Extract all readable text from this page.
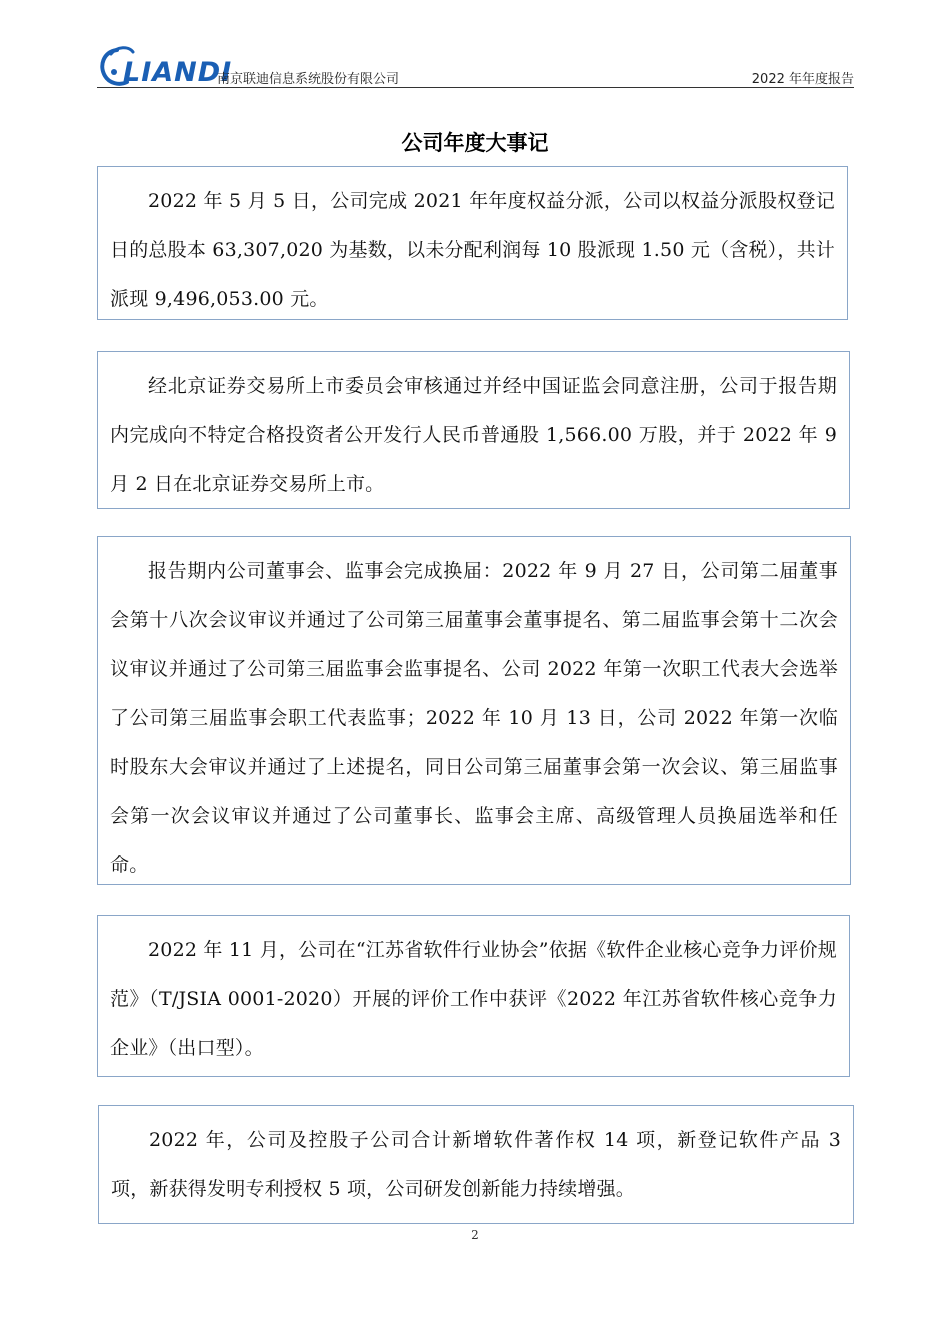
LIANDI
南京联迪信息系统股份有限公司	2022 年年度报告
公司年度大事记

2022 年 5 月 5 日，公司完成 2021 年年度权益分派，公司以权益分派股权登记日的总股本 63,307,020 为基数，以未分配利润每 10 股派现 1.50 元（含税），共计派现 9,496,053.00 元。

经北京证券交易所上市委员会审核通过并经中国证监会同意注册，公司于报告期内完成向不特定合格投资者公开发行人民币普通股 1,566.00 万股，并于 2022 年 9 月 2 日在北京证券交易所上市。

报告期内公司董事会、监事会完成换届：2022 年 9 月 27 日，公司第二届董事会第十八次会议审议并通过了公司第三届董事会董事提名、第二届监事会第十二次会议审议并通过了公司第三届监事会监事提名、公司 2022 年第一次职工代表大会选举了公司第三届监事会职工代表监事；2022 年 10 月 13 日，公司 2022 年第一次临时股东大会审议并通过了上述提名，同日公司第三届董事会第一次会议、第三届监事会第一次会议审议并通过了公司董事长、监事会主席、高级管理人员换届选举和任命。

2022 年 11 月，公司在“江苏省软件行业协会”依据《软件企业核心竞争力评价规范》（T/JSIA 0001-2020）开展的评价工作中获评《2022 年江苏省软件核心竞争力企业》（出口型）。

2022 年，公司及控股子公司合计新增软件著作权 14 项，新登记软件产品 3 项，新获得发明专利授权 5 项，公司研发创新能力持续增强。

2
